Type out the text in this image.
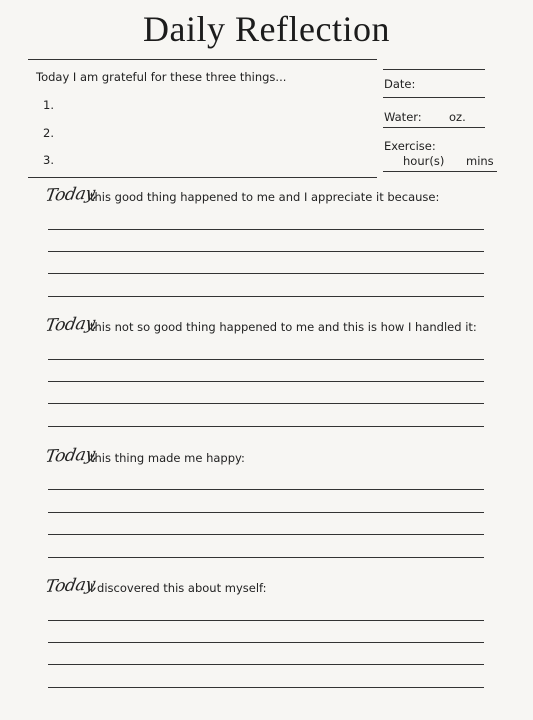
Daily Reflection
Today I am grateful for these three things...
1.
2.
3.
Date:
Water: oz.
Exercise:
hour(s) mins
Today,
this good thing happened to me and I appreciate it because:
Today,
this not so good thing happened to me and this is how I handled it:
Today,
this thing made me happy:
Today,
I discovered this about myself:
